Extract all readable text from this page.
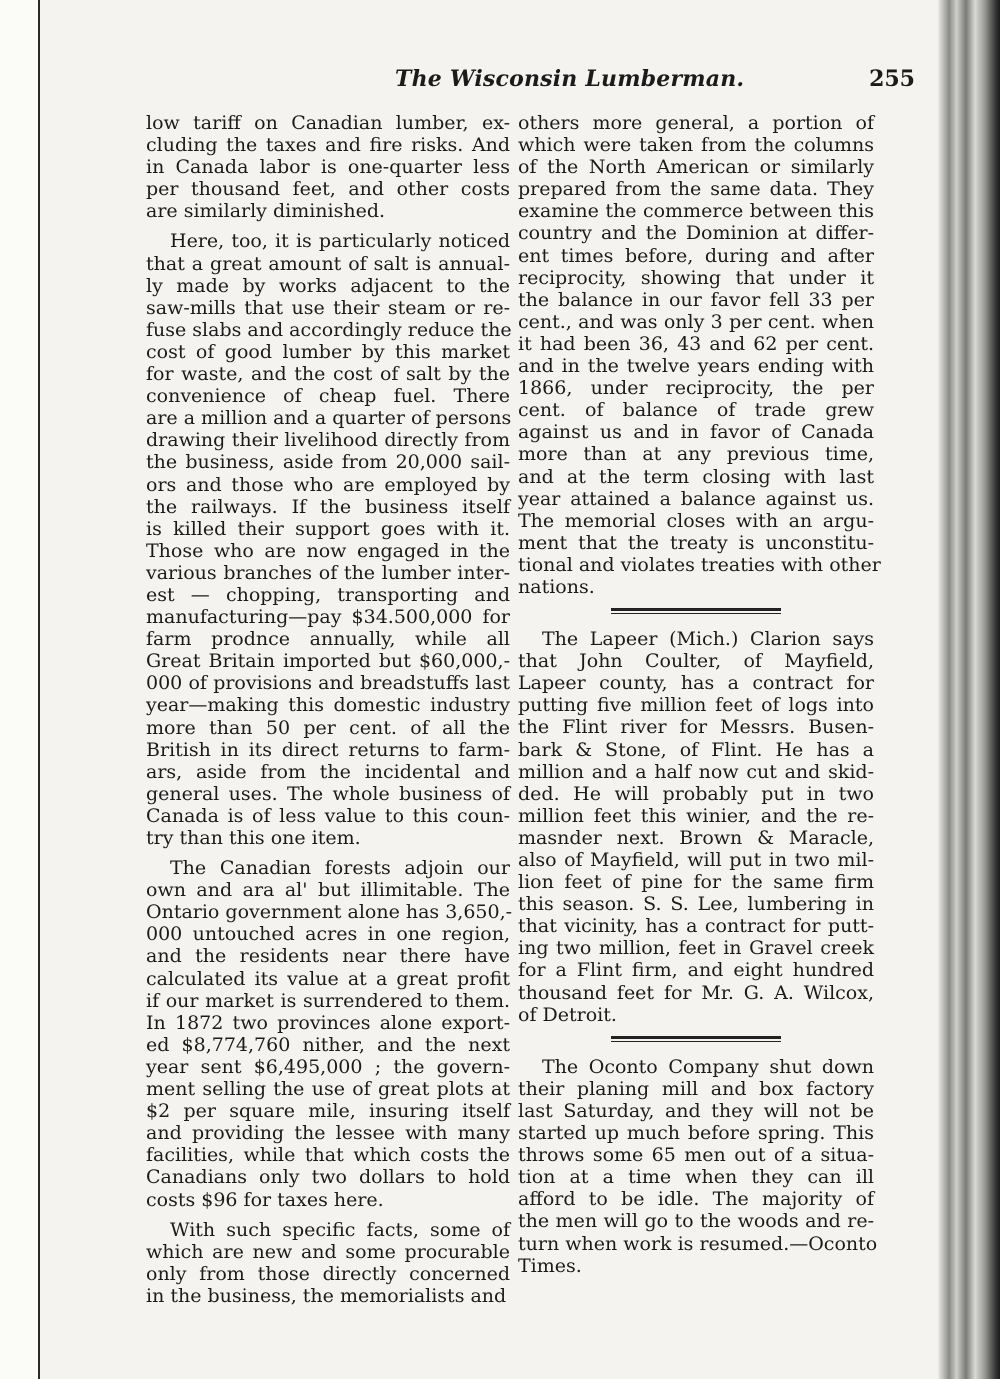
The Wisconsin Lumberman.	255
low tariff on Canadian lumber, ex-
cluding the taxes and fire risks. And
in Canada labor is one-quarter less
per thousand feet, and other costs
are similarly diminished.
Here, too, it is particularly noticed
that a great amount of salt is annual-
ly made by works adjacent to the
saw-mills that use their steam or re-
fuse slabs and accordingly reduce the
cost of good lumber by this market
for waste, and the cost of salt by the
convenience of cheap fuel. There
are a million and a quarter of persons
drawing their livelihood directly from
the business, aside from 20,000 sail-
ors and those who are employed by
the railways. If the business itself
is killed their support goes with it.
Those who are now engaged in the
various branches of the lumber inter-
est — chopping, transporting and
manufacturing—pay $34.500,000 for
farm prodnce annually, while all
Great Britain imported but $60,000,-
000 of provisions and breadstuffs last
year—making this domestic industry
more than 50 per cent. of all the
British in its direct returns to farm-
ars, aside from the incidental and
general uses. The whole business of
Canada is of less value to this coun-
try than this one item.
The Canadian forests adjoin our
own and ara al' but illimitable. The
Ontario government alone has 3,650,-
000 untouched acres in one region,
and the residents near there have
calculated its value at a great profit
if our market is surrendered to them.
In 1872 two provinces alone export-
ed $8,774,760 nither, and the next
year sent $6,495,000 ; the govern-
ment selling the use of great plots at
$2 per square mile, insuring itself
and providing the lessee with many
facilities, while that which costs the
Canadians only two dollars to hold
costs $96 for taxes here.
With such specific facts, some of
which are new and some procurable
only from those directly concerned
in the business, the memorialists and
others more general, a portion of
which were taken from the columns
of the North American or similarly
prepared from the same data. They
examine the commerce between this
country and the Dominion at differ-
ent times before, during and after
reciprocity, showing that under it
the balance in our favor fell 33 per
cent., and was only 3 per cent. when
it had been 36, 43 and 62 per cent.
and in the twelve years ending with
1866, under reciprocity, the per
cent. of balance of trade grew
against us and in favor of Canada
more than at any previous time,
and at the term closing with last
year attained a balance against us.
The memorial closes with an argu-
ment that the treaty is unconstitu-
tional and violates treaties with other
nations.
The Lapeer (Mich.) Clarion says
that John Coulter, of Mayfield,
Lapeer county, has a contract for
putting five million feet of logs into
the Flint river for Messrs. Busen-
bark & Stone, of Flint. He has a
million and a half now cut and skid-
ded. He will probably put in two
million feet this winier, and the re-
masnder next. Brown & Maracle,
also of Mayfield, will put in two mil-
lion feet of pine for the same firm
this season. S. S. Lee, lumbering in
that vicinity, has a contract for putt-
ing two million, feet in Gravel creek
for a Flint firm, and eight hundred
thousand feet for Mr. G. A. Wilcox,
of Detroit.
The Oconto Company shut down
their planing mill and box factory
last Saturday, and they will not be
started up much before spring. This
throws some 65 men out of a situa-
tion at a time when they can ill
afford to be idle. The majority of
the men will go to the woods and re-
turn when work is resumed.—Oconto
Times.
